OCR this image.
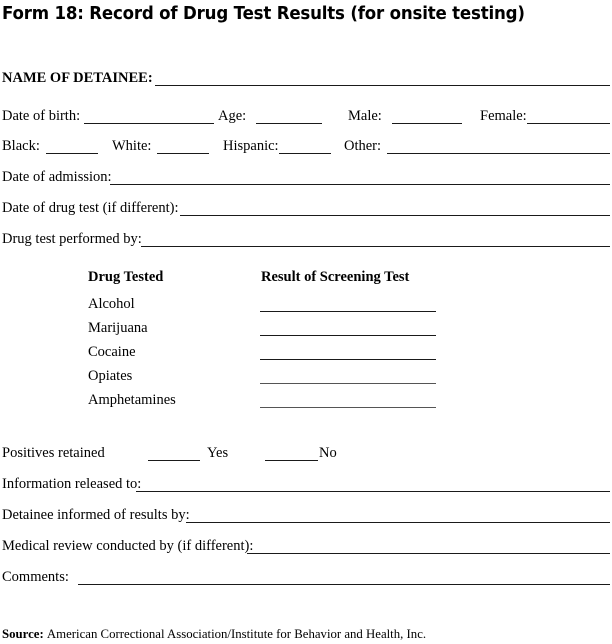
Form 18: Record of Drug Test Results (for onsite testing)
NAME OF DETAINEE:
Date of birth:	Age:	Male:	Female:
Black:	White:	Hispanic:	Other:
Date of admission:
Date of drug test (if different):
Drug test performed by:
Drug Tested	Result of Screening Test
Alcohol
Marijuana
Cocaine
Opiates
Amphetamines
Positives retained	Yes	No
Information released to:
Detainee informed of results by:
Medical review conducted by (if different):
Comments:
Source: American Correctional Association/Institute for Behavior and Health, Inc.
